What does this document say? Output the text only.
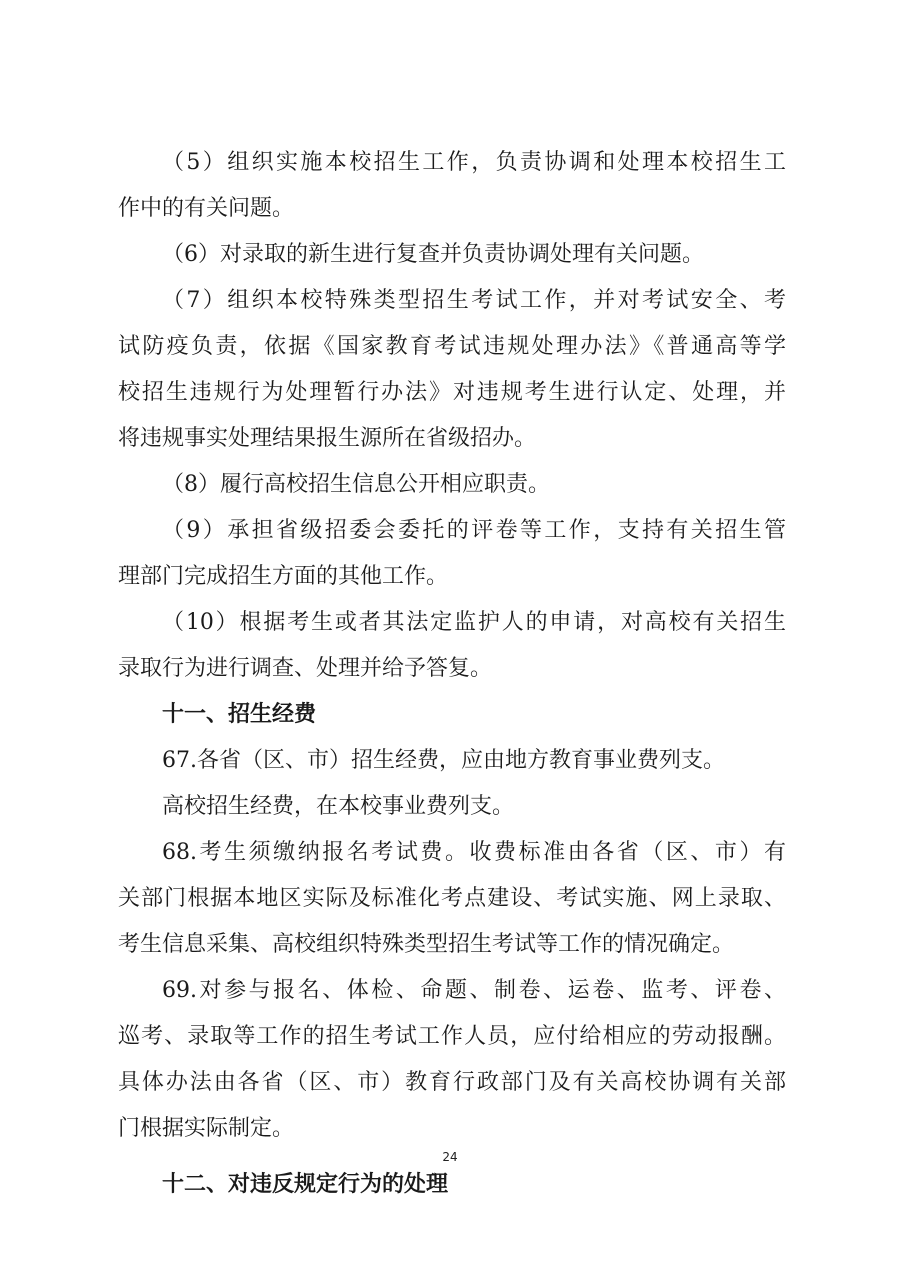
（5）组织实施本校招生工作，负责协调和处理本校招生工
作中的有关问题。
（6）对录取的新生进行复查并负责协调处理有关问题。
（7）组织本校特殊类型招生考试工作，并对考试安全、考
试防疫负责，依据《国家教育考试违规处理办法》《普通高等学
校招生违规行为处理暂行办法》对违规考生进行认定、处理，并
将违规事实处理结果报生源所在省级招办。
（8）履行高校招生信息公开相应职责。
（9）承担省级招委会委托的评卷等工作，支持有关招生管
理部门完成招生方面的其他工作。
（10）根据考生或者其法定监护人的申请，对高校有关招生
录取行为进行调查、处理并给予答复。
十一、招生经费
67.各省（区、市）招生经费，应由地方教育事业费列支。
高校招生经费，在本校事业费列支。
68.考生须缴纳报名考试费。收费标准由各省（区、市）有
关部门根据本地区实际及标准化考点建设、考试实施、网上录取、
考生信息采集、高校组织特殊类型招生考试等工作的情况确定。
69.对参与报名、体检、命题、制卷、运卷、监考、评卷、
巡考、录取等工作的招生考试工作人员，应付给相应的劳动报酬。
具体办法由各省（区、市）教育行政部门及有关高校协调有关部
门根据实际制定。
十二、对违反规定行为的处理
24
